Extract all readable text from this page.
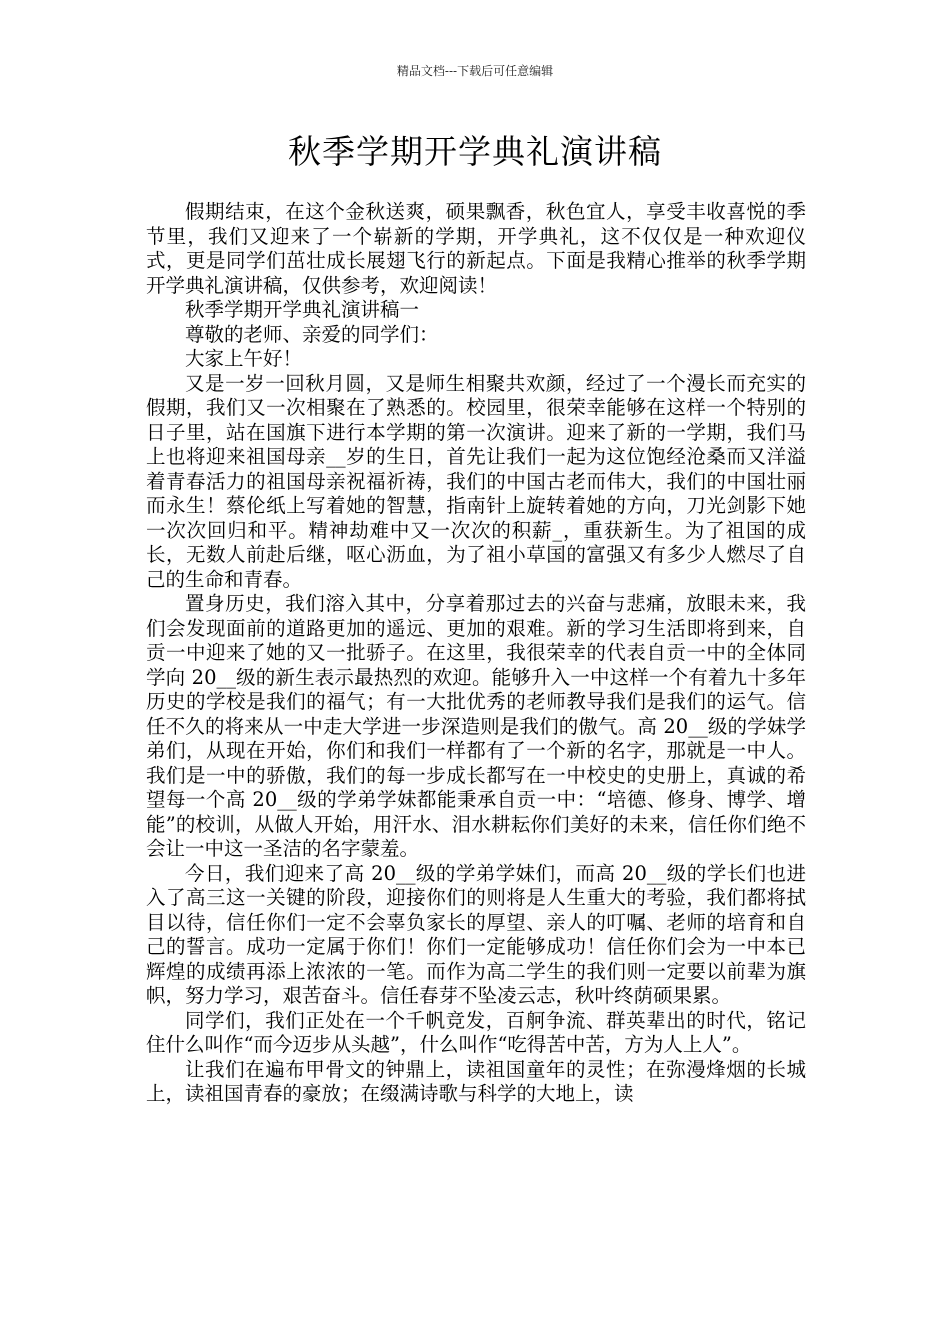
精品文档---下载后可任意编辑
秋季学期开学典礼演讲稿

假期结束，在这个金秋送爽，硕果飘香，秋色宜人，享受丰收喜悦的季节里，我们又迎来了一个崭新的学期，开学典礼，这不仅仅是一种欢迎仪式，更是同学们茁壮成长展翅飞行的新起点。下面是我精心推举的秋季学期开学典礼演讲稿，仅供参考，欢迎阅读！

秋季学期开学典礼演讲稿一

尊敬的老师、亲爱的同学们：

大家上午好！

又是一岁一回秋月圆，又是师生相聚共欢颜，经过了一个漫长而充实的假期，我们又一次相聚在了熟悉的。校园里，很荣幸能够在这样一个特别的日子里，站在国旗下进行本学期的第一次演讲。迎来了新的一学期，我们马上也将迎来祖国母亲__岁的生日，首先让我们一起为这位饱经沧桑而又洋溢着青春活力的祖国母亲祝福祈祷，我们的中国古老而伟大，我们的中国壮丽而永生！蔡伦纸上写着她的智慧，指南针上旋转着她的方向，刀光剑影下她一次次回归和平。精神劫难中又一次次的积薪_，重获新生。为了祖国的成长，无数人前赴后继，呕心沥血，为了祖小草国的富强又有多少人燃尽了自己的生命和青春。

置身历史，我们溶入其中，分享着那过去的兴奋与悲痛，放眼未来，我们会发现面前的道路更加的遥远、更加的艰难。新的学习生活即将到来，自贡一中迎来了她的又一批骄子。在这里，我很荣幸的代表自贡一中的全体同学向 20__级的新生表示最热烈的欢迎。能够升入一中这样一个有着九十多年历史的学校是我们的福气；有一大批优秀的老师教导我们是我们的运气。信任不久的将来从一中走大学进一步深造则是我们的傲气。高 20__级的学妹学弟们，从现在开始，你们和我们一样都有了一个新的名字，那就是一中人。我们是一中的骄傲，我们的每一步成长都写在一中校史的史册上，真诚的希望每一个高 20__级的学弟学妹都能秉承自贡一中：“培德、修身、博学、增能”的校训，从做人开始，用汗水、泪水耕耘你们美好的未来，信任你们绝不会让一中这一圣洁的名字蒙羞。

今日，我们迎来了高 20__级的学弟学妹们，而高 20__级的学长们也进入了高三这一关键的阶段，迎接你们的则将是人生重大的考验，我们都将拭目以待，信任你们一定不会辜负家长的厚望、亲人的叮嘱、老师的培育和自己的誓言。成功一定属于你们！你们一定能够成功！信任你们会为一中本已辉煌的成绩再添上浓浓的一笔。而作为高二学生的我们则一定要以前辈为旗帜，努力学习，艰苦奋斗。信任春芽不坠凌云志，秋叶终荫硕果累。

同学们，我们正处在一个千帆竞发，百舸争流、群英辈出的时代，铭记住什么叫作“而今迈步从头越”，什么叫作“吃得苦中苦，方为人上人”。

让我们在遍布甲骨文的钟鼎上，读祖国童年的灵性；在弥漫烽烟的长城上，读祖国青春的豪放；在缀满诗歌与科学的大地上，读
